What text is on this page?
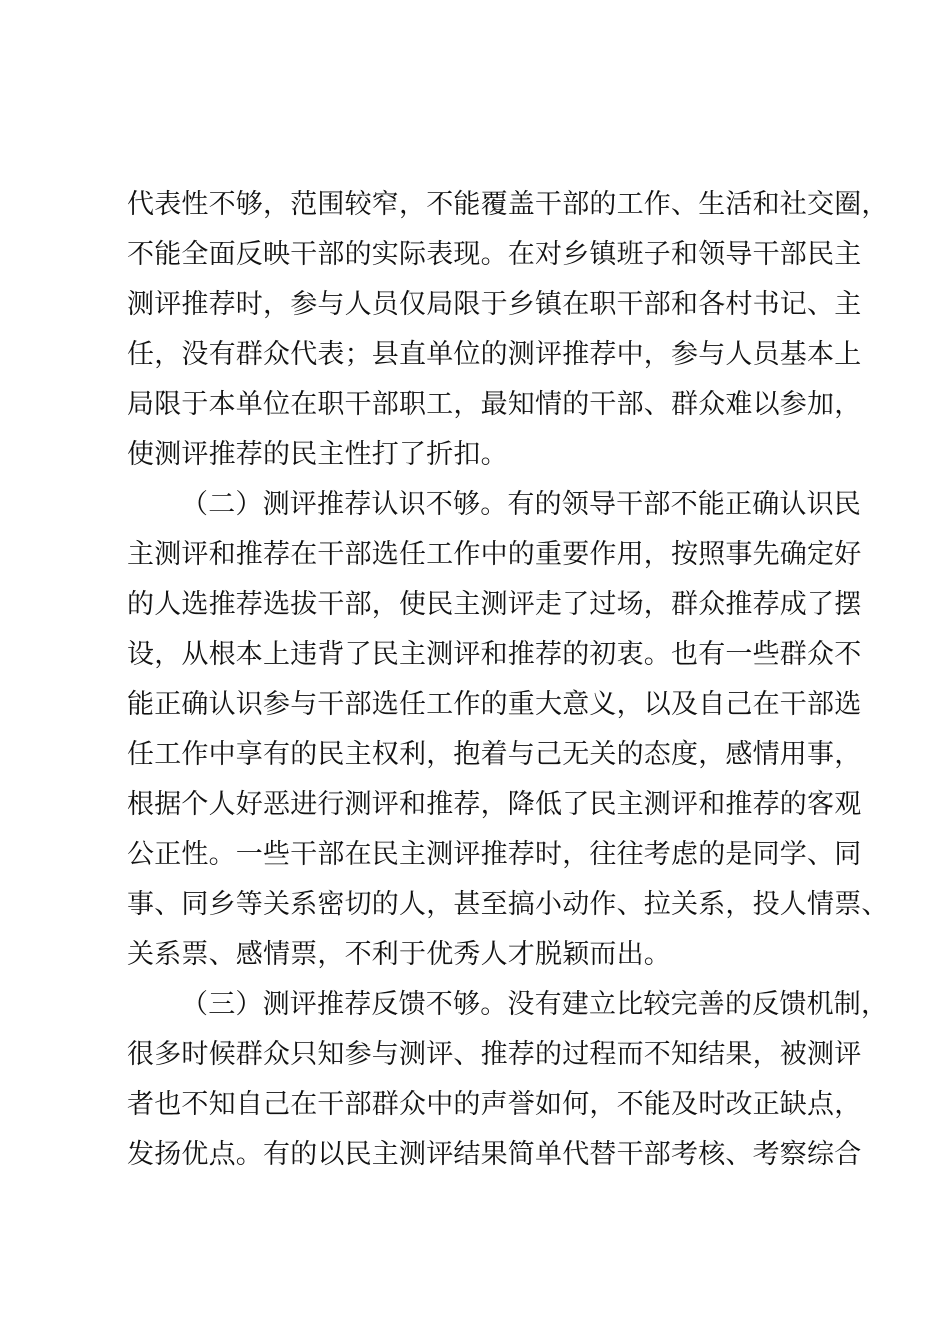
代表性不够，范围较窄，不能覆盖干部的工作、生活和社交圈，
不能全面反映干部的实际表现。在对乡镇班子和领导干部民主
测评推荐时，参与人员仅局限于乡镇在职干部和各村书记、主
任，没有群众代表；县直单位的测评推荐中，参与人员基本上
局限于本单位在职干部职工，最知情的干部、群众难以参加，
使测评推荐的民主性打了折扣。
（二）测评推荐认识不够。有的领导干部不能正确认识民
主测评和推荐在干部选任工作中的重要作用，按照事先确定好
的人选推荐选拔干部，使民主测评走了过场，群众推荐成了摆
设，从根本上违背了民主测评和推荐的初衷。也有一些群众不
能正确认识参与干部选任工作的重大意义，以及自己在干部选
任工作中享有的民主权利，抱着与己无关的态度，感情用事，
根据个人好恶进行测评和推荐，降低了民主测评和推荐的客观
公正性。一些干部在民主测评推荐时，往往考虑的是同学、同
事、同乡等关系密切的人，甚至搞小动作、拉关系，投人情票、
关系票、感情票，不利于优秀人才脱颖而出。
（三）测评推荐反馈不够。没有建立比较完善的反馈机制，
很多时候群众只知参与测评、推荐的过程而不知结果，被测评
者也不知自己在干部群众中的声誉如何，不能及时改正缺点，
发扬优点。有的以民主测评结果简单代替干部考核、考察综合
